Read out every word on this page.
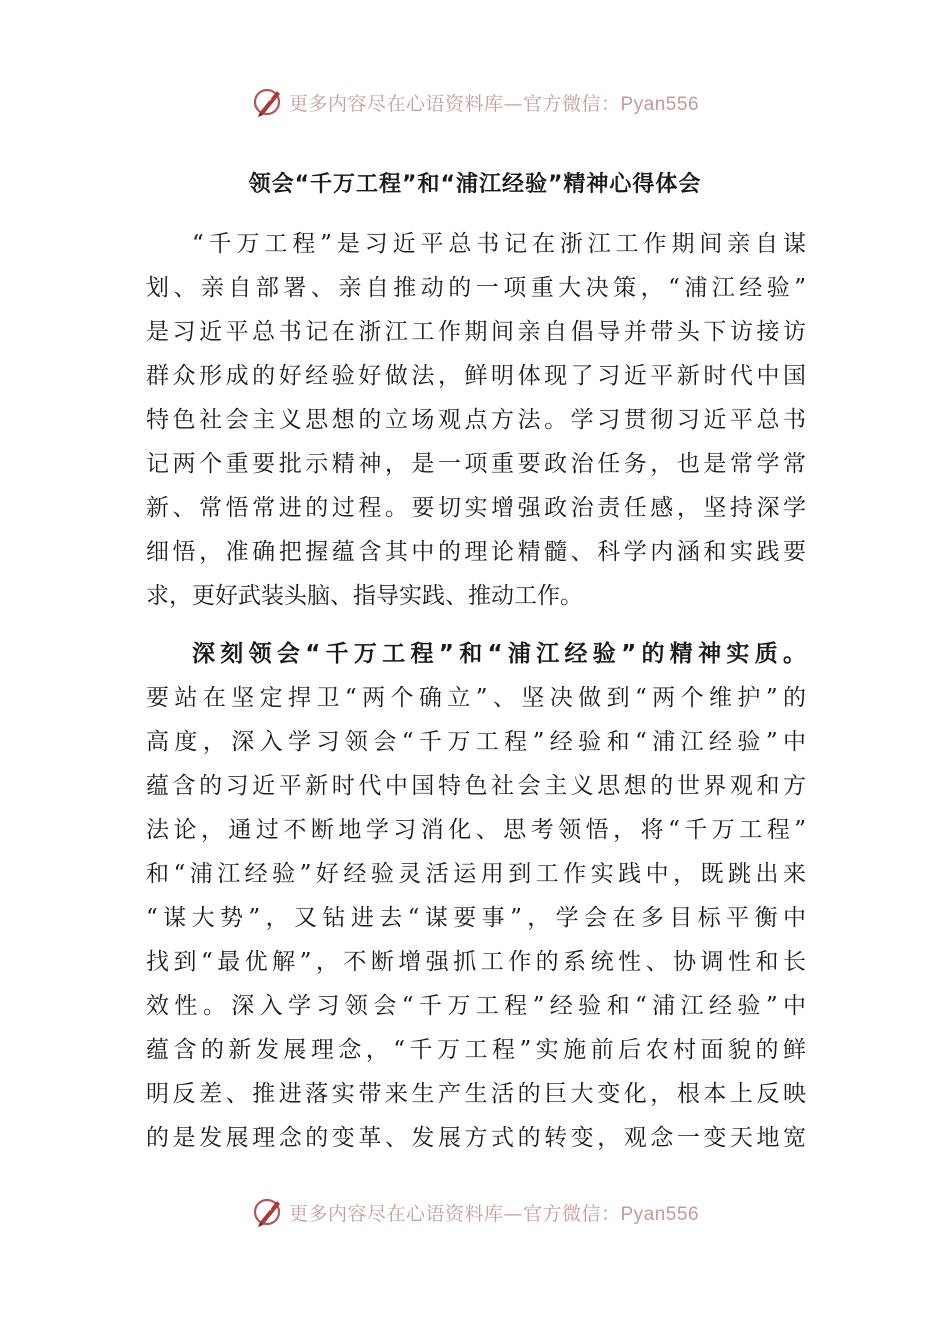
更多内容尽在心语资料库—官方微信：Pyan556
领会“千万工程”和“浦江经验”精神心得体会
“千万工程”是习近平总书记在浙江工作期间亲自谋
划、亲自部署、亲自推动的一项重大决策，“浦江经验”
是习近平总书记在浙江工作期间亲自倡导并带头下访接访
群众形成的好经验好做法，鲜明体现了习近平新时代中国
特色社会主义思想的立场观点方法。学习贯彻习近平总书
记两个重要批示精神，是一项重要政治任务，也是常学常
新、常悟常进的过程。要切实增强政治责任感，坚持深学
细悟，准确把握蕴含其中的理论精髓、科学内涵和实践要
求，更好武装头脑、指导实践、推动工作。
深刻领会“千万工程”和“浦江经验”的精神实质。
要站在坚定捍卫“两个确立”、坚决做到“两个维护”的
高度，深入学习领会“千万工程”经验和“浦江经验”中
蕴含的习近平新时代中国特色社会主义思想的世界观和方
法论，通过不断地学习消化、思考领悟，将“千万工程”
和“浦江经验”好经验灵活运用到工作实践中，既跳出来
“谋大势”，又钻进去“谋要事”，学会在多目标平衡中
找到“最优解”，不断增强抓工作的系统性、协调性和长
效性。深入学习领会“千万工程”经验和“浦江经验”中
蕴含的新发展理念，“千万工程”实施前后农村面貌的鲜
明反差、推进落实带来生产生活的巨大变化，根本上反映
的是发展理念的变革、发展方式的转变，观念一变天地宽
更多内容尽在心语资料库—官方微信：Pyan556
